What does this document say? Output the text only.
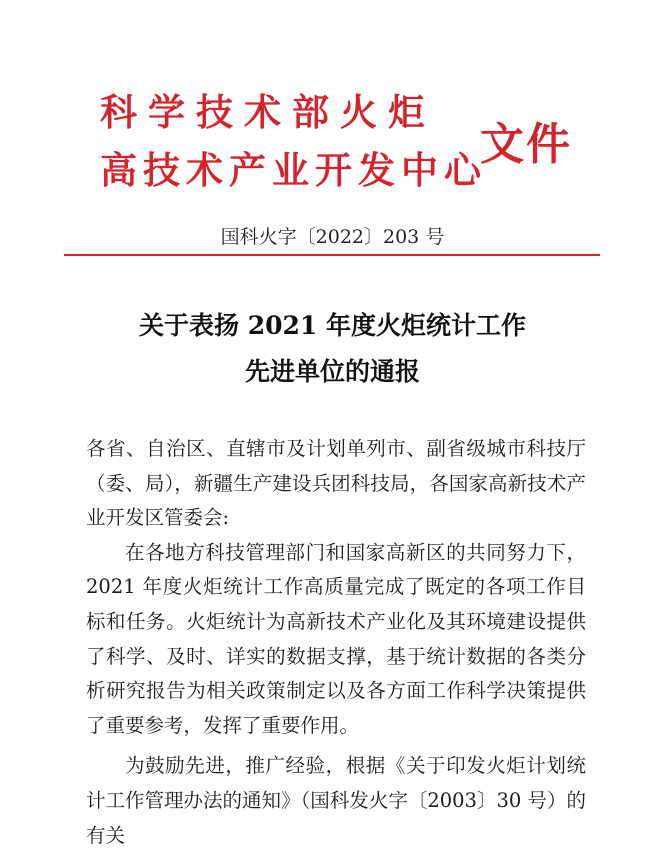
科学技术部火炬
高技术产业开发中心
文件
国科火字〔2022〕203 号
关于表扬 2021 年度火炬统计工作
先进单位的通报

各省、自治区、直辖市及计划单列市、副省级城市科技厅（委、局），新疆生产建设兵团科技局，各国家高新技术产业开发区管委会:

在各地方科技管理部门和国家高新区的共同努力下，2021 年度火炬统计工作高质量完成了既定的各项工作目标和任务。火炬统计为高新技术产业化及其环境建设提供了科学、及时、详实的数据支撑，基于统计数据的各类分析研究报告为相关政策制定以及各方面工作科学决策提供了重要参考，发挥了重要作用。

为鼓励先进，推广经验，根据《关于印发火炬计划统计工作管理办法的通知》（国科发火字〔2003〕30 号）的有关
